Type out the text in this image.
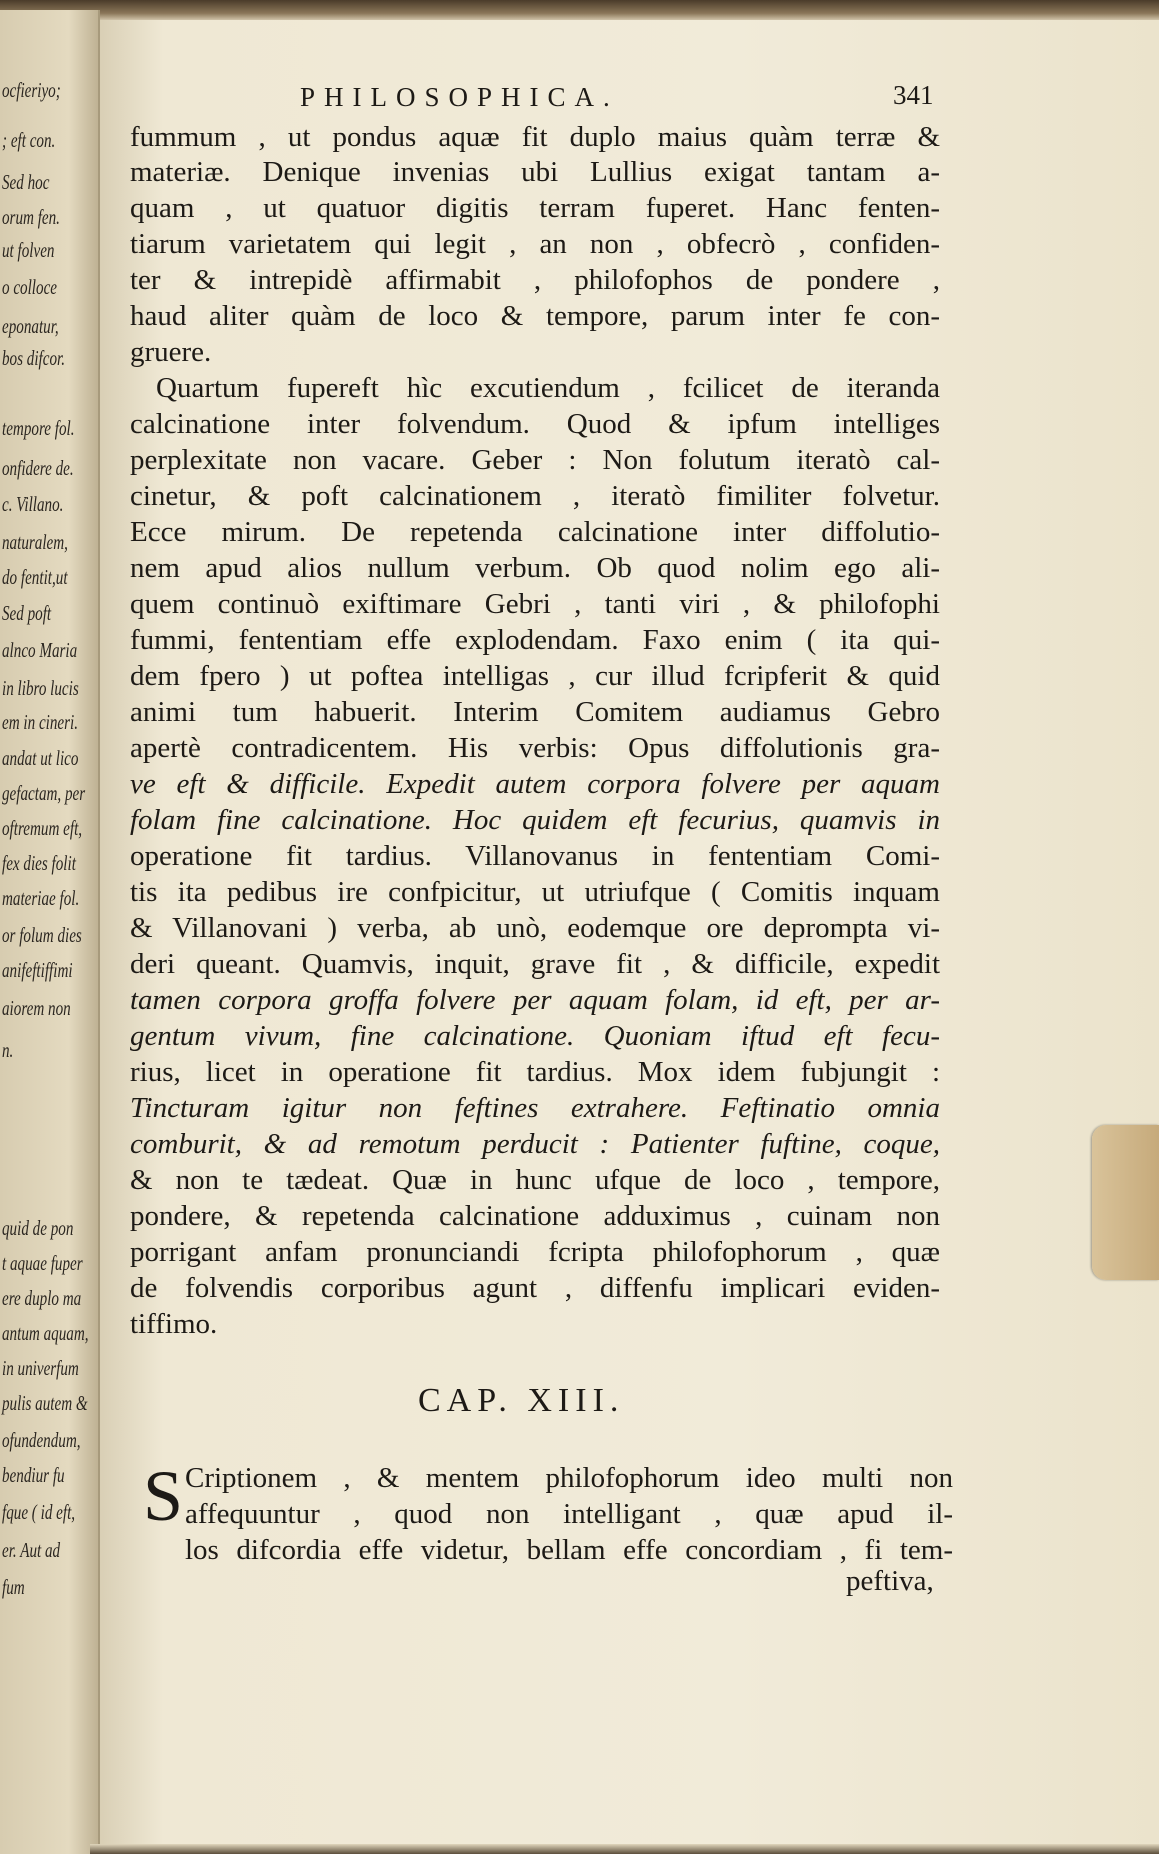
ocfieriyo;
; eft con.
Sed hoc
orum fen.
ut folven
o colloce
eponatur,
bos difcor.
tempore fol.
onfidere de.
c. Villano.
naturalem,
do fentit,ut
Sed poft
alnco Maria
in libro lucis
em in cineri.
andat ut lico
gefactam, per
oftremum eft,
fex dies folit
materiae fol.
or folum dies
anifeftiffimi
aiorem non
n.
quid de pon
t aquae fuper
ere duplo ma
antum aquam,
in univerfum
pulis autem &
ofundendum,
bendiur fu
fque ( id eft,
er. Aut ad
fum
PHILOSOPHICA.	341
fummum , ut pondus aquæ fit duplo maius quàm terræ &
materiæ. Denique invenias ubi Lullius exigat tantam a-
quam , ut quatuor digitis terram fuperet. Hanc fenten-
tiarum varietatem qui legit , an non , obfecrò , confiden-
ter & intrepidè affirmabit , philofophos de pondere ,
haud aliter quàm de loco & tempore, parum inter fe con-
gruere.
Quartum fupereft hìc excutiendum , fcilicet de iteranda
calcinatione inter folvendum. Quod & ipfum intelliges
perplexitate non vacare. Geber : Non folutum iteratò cal-
cinetur, & poft calcinationem , iteratò fimiliter folvetur.
Ecce mirum. De repetenda calcinatione inter diffolutio-
nem apud alios nullum verbum. Ob quod nolim ego ali-
quem continuò exiftimare Gebri , tanti viri , & philofophi
fummi, fententiam effe explodendam. Faxo enim ( ita qui-
dem fpero ) ut poftea intelligas , cur illud fcripferit & quid
animi tum habuerit. Interim Comitem audiamus Gebro
apertè contradicentem. His verbis: Opus diffolutionis gra-
ve eft & difficile. Expedit autem corpora folvere per aquam
folam fine calcinatione. Hoc quidem eft fecurius, quamvis in
operatione fit tardius. Villanovanus in fententiam Comi-
tis ita pedibus ire confpicitur, ut utriufque ( Comitis inquam
& Villanovani ) verba, ab unò, eodemque ore deprompta vi-
deri queant. Quamvis, inquit, grave fit , & difficile, expedit
tamen corpora groffa folvere per aquam folam, id eft, per ar-
gentum vivum, fine calcinatione. Quoniam iftud eft fecu-
rius, licet in operatione fit tardius. Mox idem fubjungit :
Tincturam igitur non feftines extrahere. Feftinatio omnia
comburit, & ad remotum perducit : Patienter fuftine, coque,
& non te tædeat. Quæ in hunc ufque de loco , tempore,
pondere, & repetenda calcinatione adduximus , cuinam non
porrigant anfam pronunciandi fcripta philofophorum , quæ
de folvendis corporibus agunt , diffenfu implicari eviden-
tiffimo.
CAP. XIII.
S Criptionem , & mentem philofophorum ideo multi non
affequuntur , quod non intelligant , quæ apud il-
los difcordia effe videtur, bellam effe concordiam , fi tem-
peftiva,
